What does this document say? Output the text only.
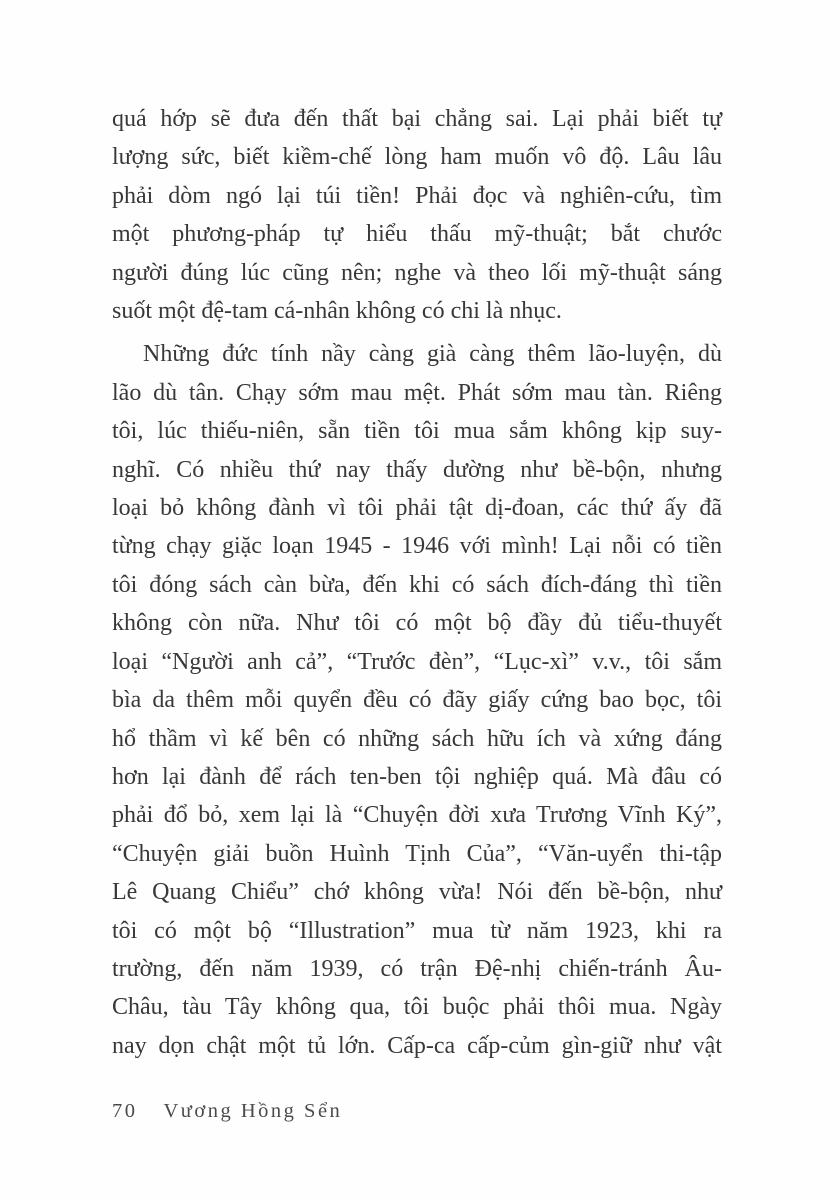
quá hớp sẽ đưa đến thất bại chẳng sai. Lại phải biết tự
lượng sức, biết kiềm-chế lòng ham muốn vô độ. Lâu lâu
phải dòm ngó lại túi tiền! Phải đọc và nghiên-cứu, tìm
một phương-pháp tự hiểu thấu mỹ-thuật; bắt chước
người đúng lúc cũng nên; nghe và theo lối mỹ-thuật sáng
suốt một đệ-tam cá-nhân không có chi là nhục.
Những đức tính nầy càng già càng thêm lão-luyện, dù
lão dù tân. Chạy sớm mau mệt. Phát sớm mau tàn. Riêng
tôi, lúc thiếu-niên, sẵn tiền tôi mua sắm không kịp suy-
nghĩ. Có nhiều thứ nay thấy dường như bề-bộn, nhưng
loại bỏ không đành vì tôi phải tật dị-đoan, các thứ ấy đã
từng chạy giặc loạn 1945 - 1946 với mình! Lại nỗi có tiền
tôi đóng sách càn bừa, đến khi có sách đích-đáng thì tiền
không còn nữa. Như tôi có một bộ đầy đủ tiểu-thuyết
loại “Người anh cả”, “Trước đèn”, “Lục-xì” v.v., tôi sắm
bìa da thêm mỗi quyển đều có đãy giấy cứng bao bọc, tôi
hổ thầm vì kế bên có những sách hữu ích và xứng đáng
hơn lại đành để rách ten-ben tội nghiệp quá. Mà đâu có
phải đổ bỏ, xem lại là “Chuyện đời xưa Trương Vĩnh Ký”,
“Chuyện giải buồn Huình Tịnh Của”, “Văn-uyển thi-tập
Lê Quang Chiểu” chớ không vừa! Nói đến bề-bộn, như
tôi có một bộ “Illustration” mua từ năm 1923, khi ra
trường, đến năm 1939, có trận Đệ-nhị chiến-tránh Âu-
Châu, tàu Tây không qua, tôi buộc phải thôi mua. Ngày
nay dọn chật một tủ lớn. Cấp-ca cấp-củm gìn-giữ như vật
70 Vương Hồng Sển
